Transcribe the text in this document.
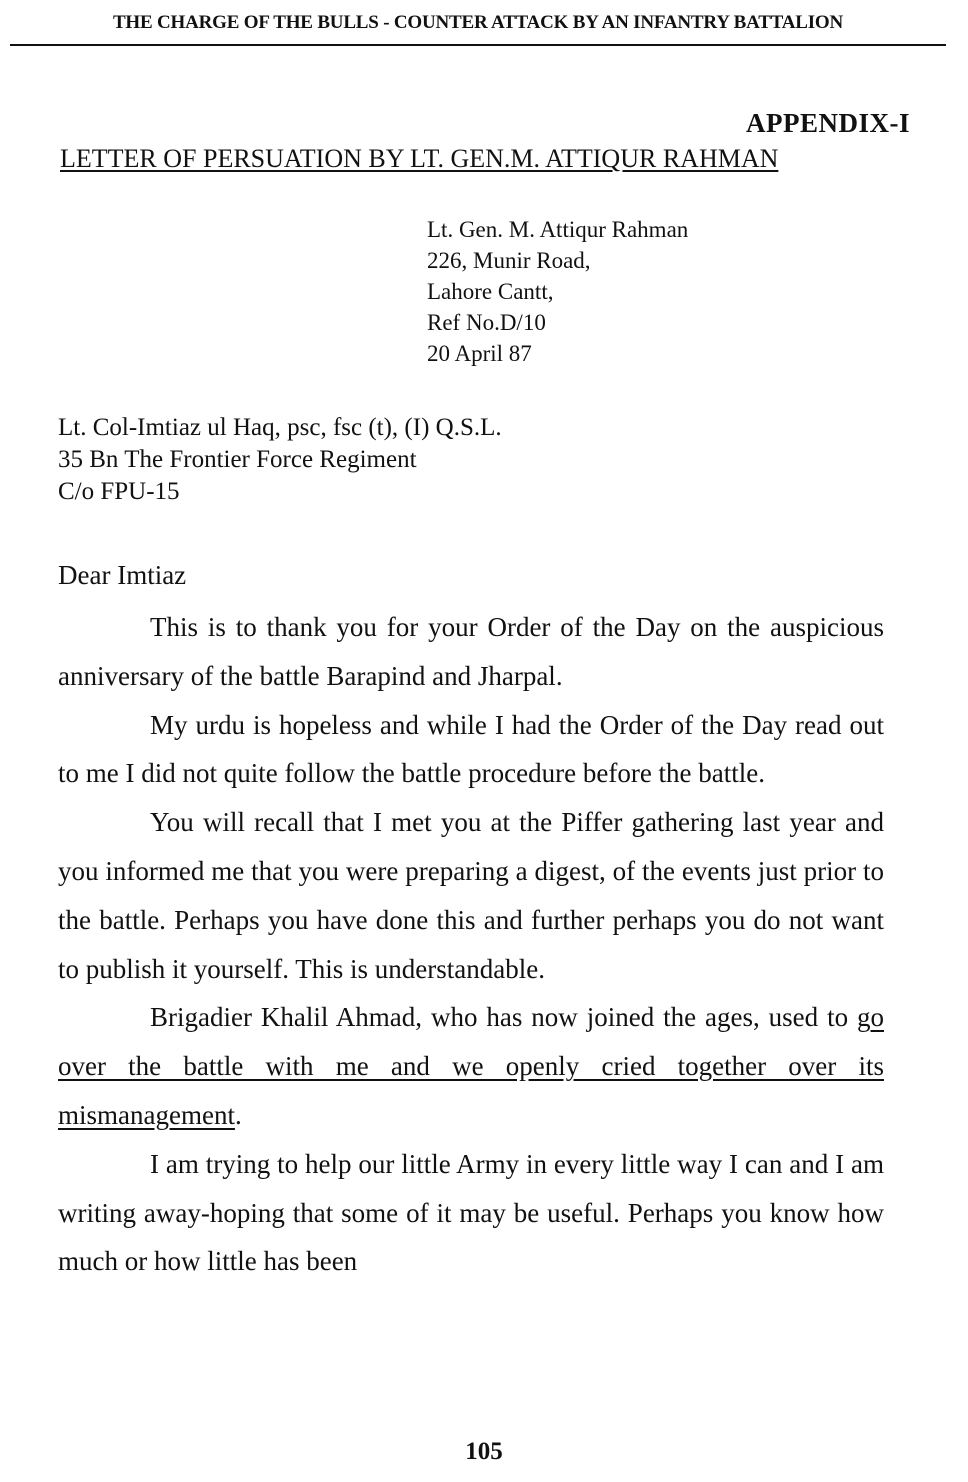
THE CHARGE OF THE BULLS - COUNTER ATTACK BY AN INFANTRY BATTALION
APPENDIX-I
LETTER OF PERSUATION BY LT. GEN.M. ATTIQUR RAHMAN
Lt. Gen. M. Attiqur Rahman
226, Munir Road,
Lahore Cantt,
Ref No.D/10
20 April 87
Lt. Col-Imtiaz ul Haq, psc, fsc (t), (I) Q.S.L.
35 Bn The Frontier Force Regiment
C/o FPU-15
Dear Imtiaz

This is to thank you for your Order of the Day on the auspicious anniversary of the battle Barapind and Jharpal.

My urdu is hopeless and while I had the Order of the Day read out to me I did not quite follow the battle procedure before the battle.

You will recall that I met you at the Piffer gathering last year and you informed me that you were preparing a digest, of the events just prior to the battle. Perhaps you have done this and further perhaps you do not want to publish it yourself. This is understandable.

Brigadier Khalil Ahmad, who has now joined the ages, used to go over the battle with me and we openly cried together over its mismanagement.

I am trying to help our little Army in every little way I can and I am writing away-hoping that some of it may be useful. Perhaps you know how much or how little has been

105
